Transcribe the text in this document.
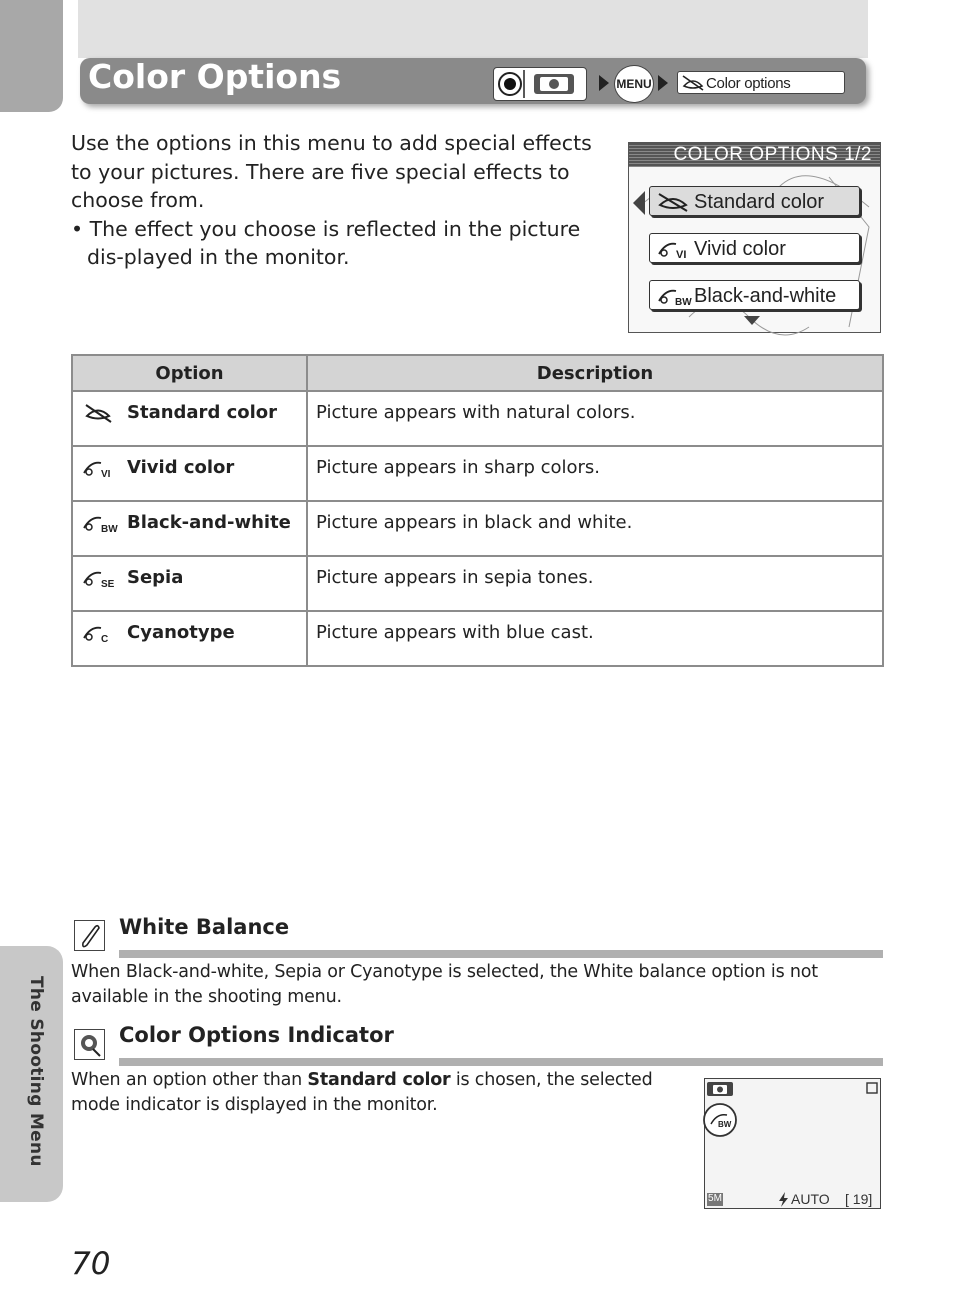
The Shooting Menu
Color Options	MENU	Color options
Use the options in this menu to add special effects to your pictures. There are five special effects to choose from.
• The effect you choose is reflected in the picture dis-played in the monitor.
COLOR OPTIONS 1/2
Standard color
VI Vivid color
BW Black-and-white
Option	Description
Standard color	Picture appears with natural colors.

VI Vivid color	Picture appears in sharp colors.

BW Black-and-white	Picture appears in black and white.

SE Sepia	Picture appears in sepia tones.

C Cyanotype	Picture appears with blue cast.
White Balance
When Black-and-white, Sepia or Cyanotype is selected, the White balance option is not available in the shooting menu.
Color Options Indicator
When an option other than Standard color is chosen, the selected mode indicator is displayed in the monitor.
BW
5M	AUTO [ 19]
70
